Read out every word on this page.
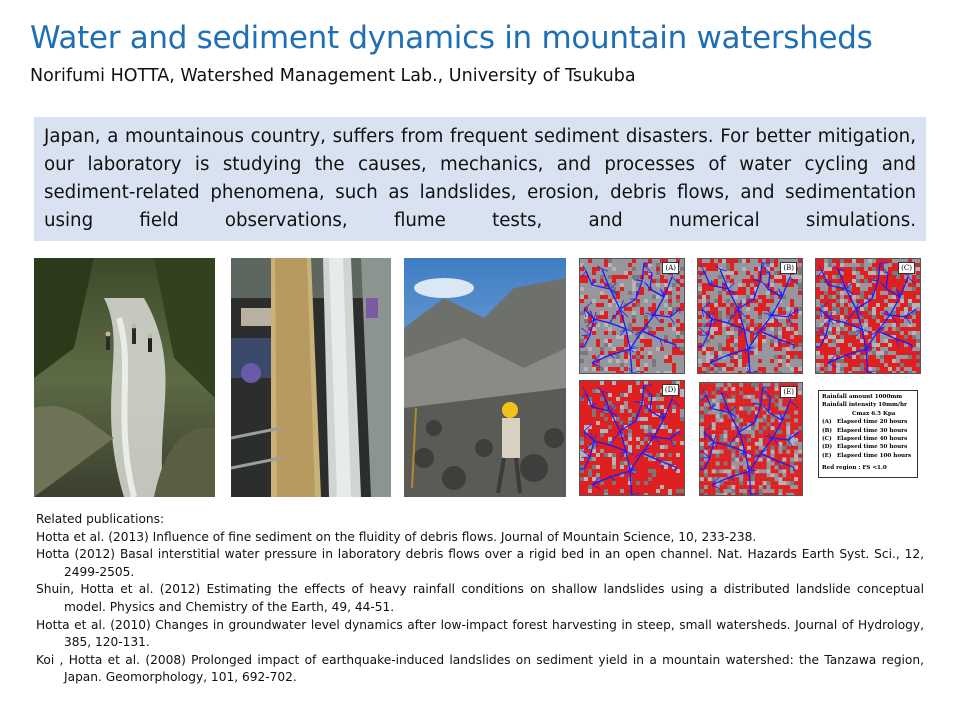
Water and sediment dynamics in mountain watersheds
Norifumi HOTTA, Watershed Management Lab., University of Tsukuba
Japan, a mountainous country, suffers from frequent sediment disasters. For better mitigation, our laboratory is studying the causes, mechanics, and processes of water cycling and sediment-related phenomena, such as landslides, erosion, debris flows, and sedimentation using field observations, flume tests, and numerical simulations.
(A)	(B)	(C)
(D)	(E)
Rainfall amount 1000mm
Rainfall intensity 10mm/hr
Cmax 6.5 Kpa
(A) Elapsed time 20 hours
(B) Elapsed time 30 hours
(C) Elapsed time 40 hours
(D) Elapsed time 50 hours
(E) Elapsed time 100 hours
Red region : FS <1.0
Related publications:
Hotta et al. (2013) Influence of fine sediment on the fluidity of debris flows. Journal of Mountain Science, 10, 233-238.
Hotta (2012) Basal interstitial water pressure in laboratory debris flows over a rigid bed in an open channel. Nat. Hazards Earth Syst. Sci., 12, 2499-2505.
Shuin, Hotta et al. (2012) Estimating the effects of heavy rainfall conditions on shallow landslides using a distributed landslide conceptual model. Physics and Chemistry of the Earth, 49, 44-51.
Hotta et al. (2010) Changes in groundwater level dynamics after low-impact forest harvesting in steep, small watersheds. Journal of Hydrology, 385, 120-131.
Koi , Hotta et al. (2008) Prolonged impact of earthquake-induced landslides on sediment yield in a mountain watershed: the Tanzawa region, Japan. Geomorphology, 101, 692-702.
